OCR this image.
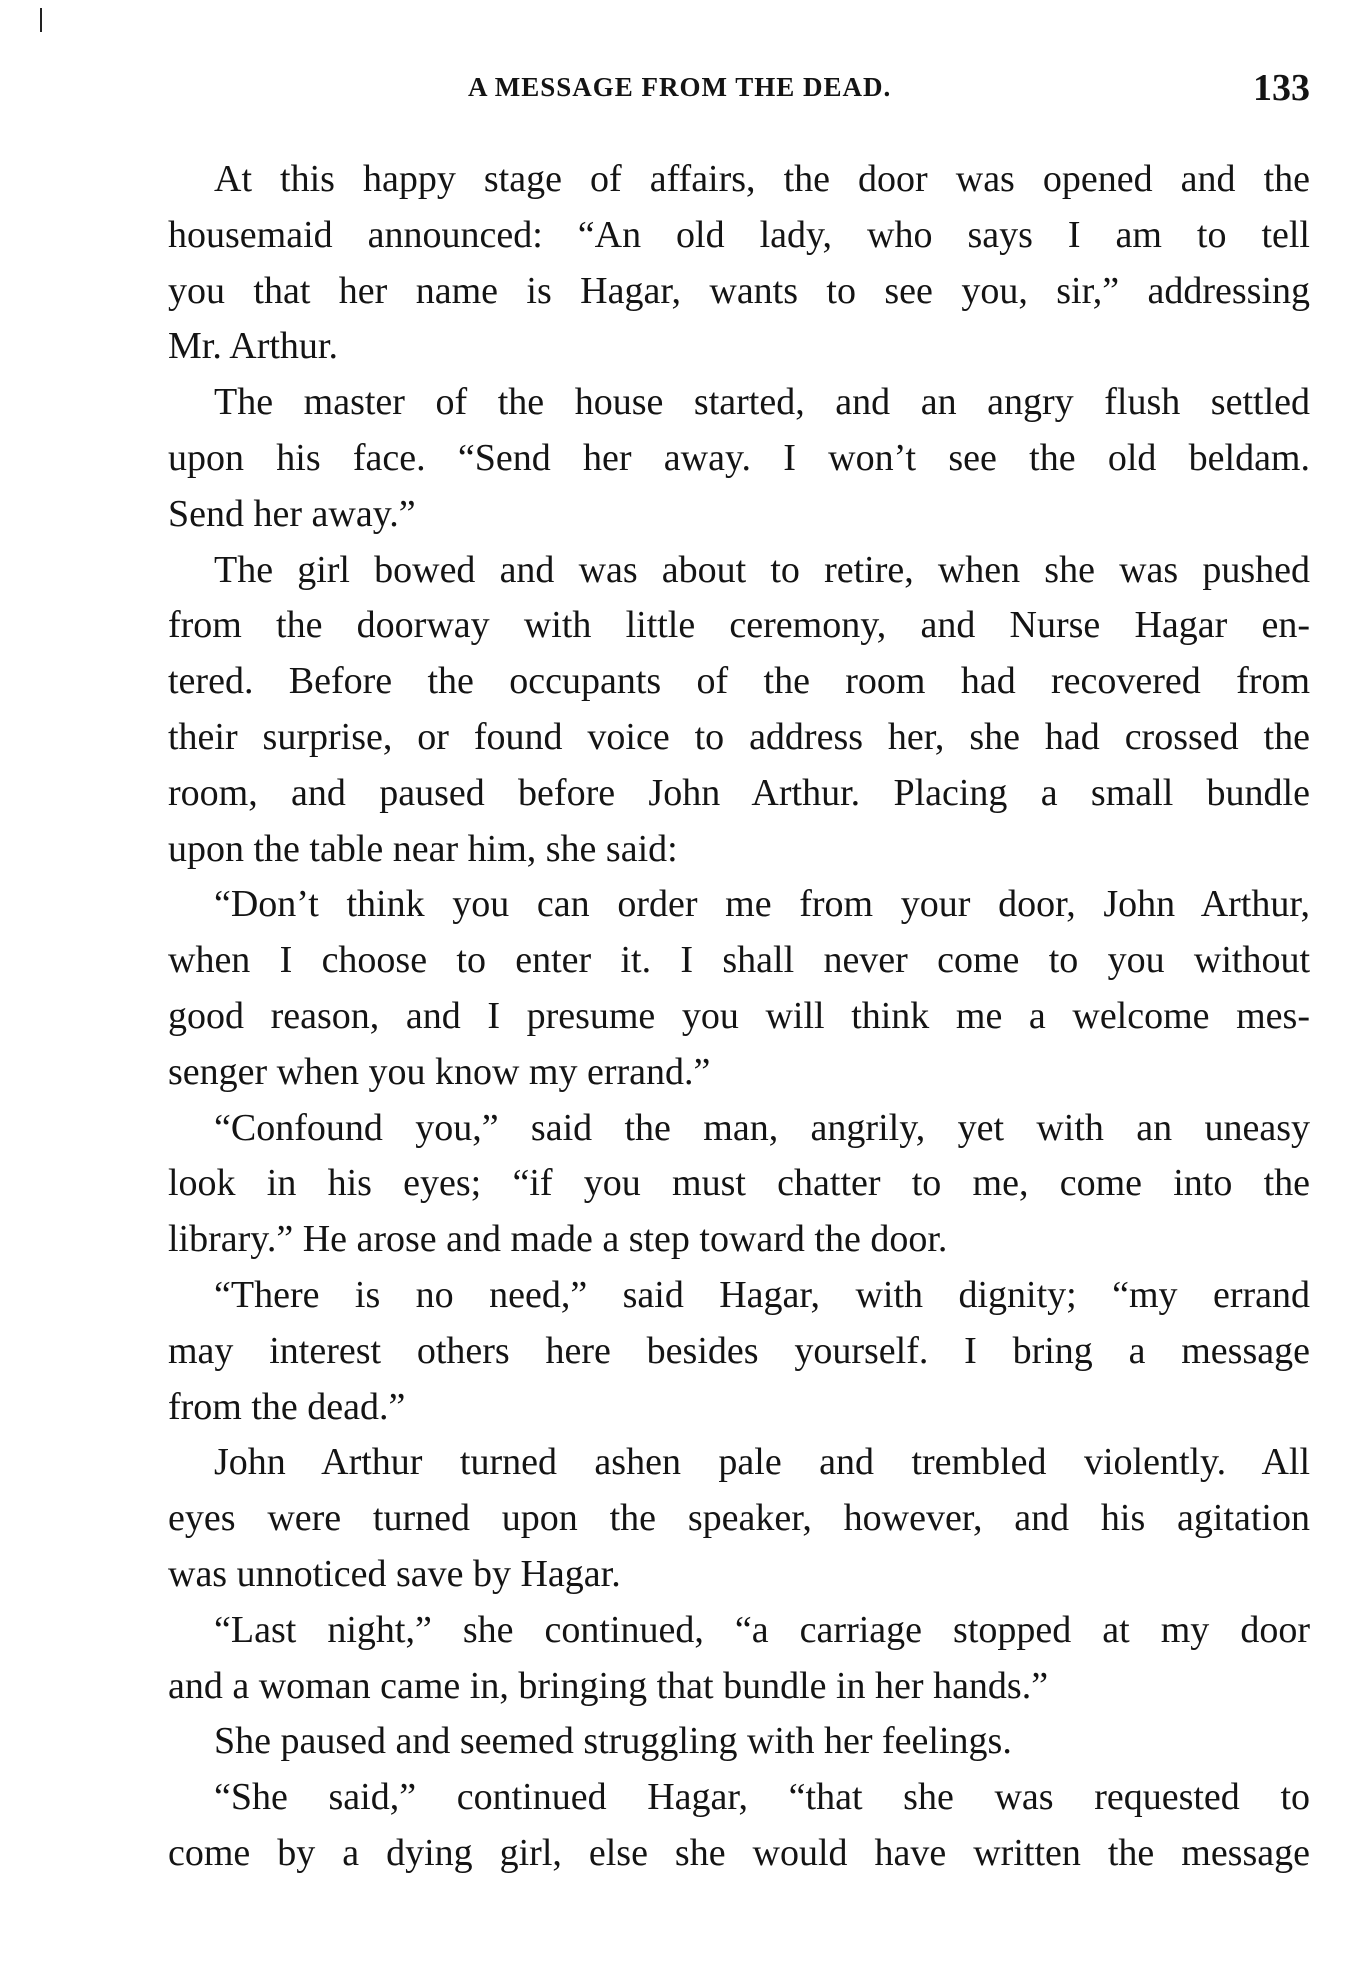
A MESSAGE FROM THE DEAD.	133
At this happy stage of affairs, the door was opened and the
housemaid announced: “An old lady, who says I am to tell
you that her name is Hagar, wants to see you, sir,” addressing
Mr. Arthur.
The master of the house started, and an angry flush settled
upon his face. “Send her away. I won’t see the old beldam.
Send her away.”
The girl bowed and was about to retire, when she was pushed
from the doorway with little ceremony, and Nurse Hagar en-
tered. Before the occupants of the room had recovered from
their surprise, or found voice to address her, she had crossed the
room, and paused before John Arthur. Placing a small bundle
upon the table near him, she said:
“Don’t think you can order me from your door, John Arthur,
when I choose to enter it. I shall never come to you without
good reason, and I presume you will think me a welcome mes-
senger when you know my errand.”
“Confound you,” said the man, angrily, yet with an uneasy
look in his eyes; “if you must chatter to me, come into the
library.” He arose and made a step toward the door.
“There is no need,” said Hagar, with dignity; “my errand
may interest others here besides yourself. I bring a message
from the dead.”
John Arthur turned ashen pale and trembled violently. All
eyes were turned upon the speaker, however, and his agitation
was unnoticed save by Hagar.
“Last night,” she continued, “a carriage stopped at my door
and a woman came in, bringing that bundle in her hands.”
She paused and seemed struggling with her feelings.
“She said,” continued Hagar, “that she was requested to
come by a dying girl, else she would have written the message
